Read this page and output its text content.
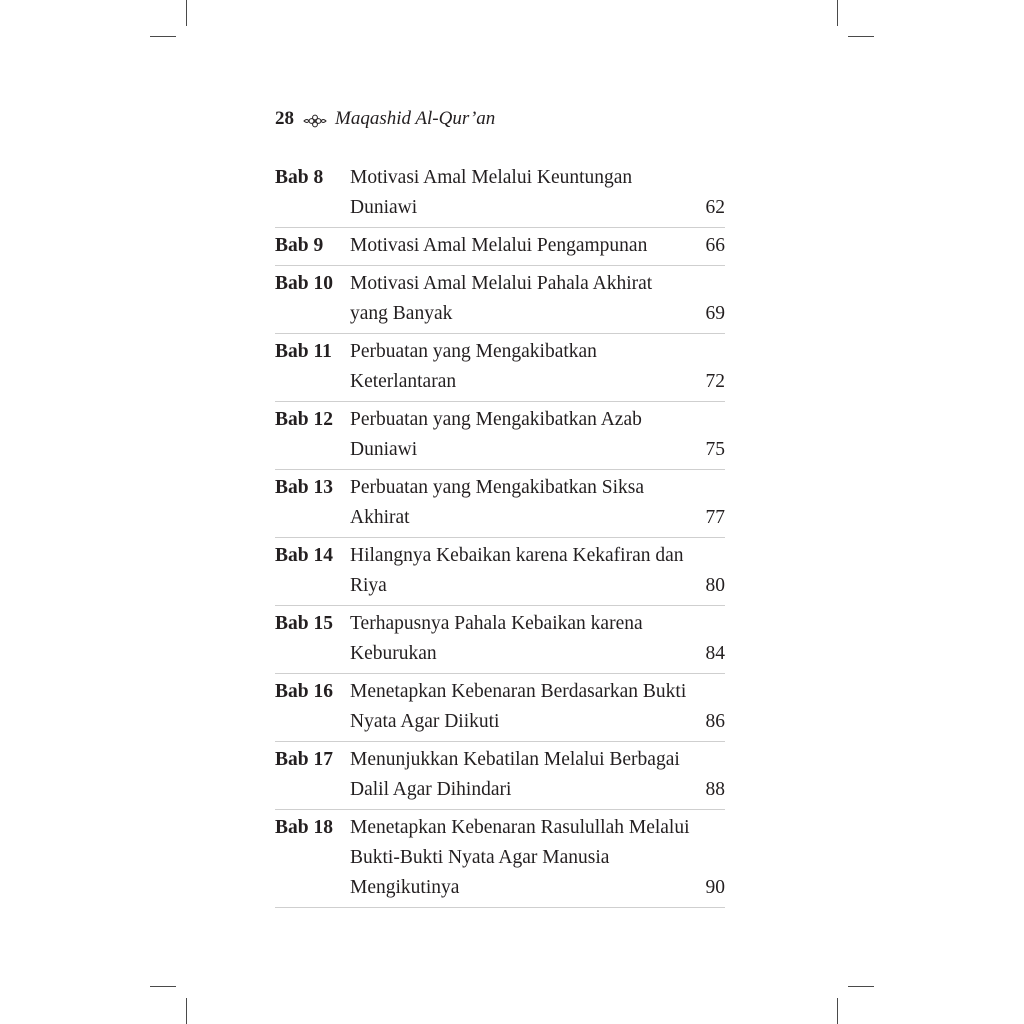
28 Maqashid Al-Qur’an
Bab 8	Motivasi Amal Melalui Keuntungan Duniawi	62
Bab 9	Motivasi Amal Melalui Pengampunan	66
Bab 10 Motivasi Amal Melalui Pahala Akhirat yang Banyak	69
Bab 11 Perbuatan yang Mengakibatkan Keterlantaran	72
Bab 12 Perbuatan yang Mengakibatkan Azab Duniawi	75
Bab 13 Perbuatan yang Mengakibatkan Siksa Akhirat	77
Bab 14 Hilangnya Kebaikan karena Kekafiran dan Riya	80
Bab 15 Terhapusnya Pahala Kebaikan karena Keburukan	84
Bab 16 Menetapkan Kebenaran Berdasarkan Bukti Nyata Agar Diikuti	86
Bab 17 Menunjukkan Kebatilan Melalui Berbagai Dalil Agar Dihindari	88
Bab 18 Menetapkan Kebenaran Rasulullah Melalui Bukti-Bukti Nyata Agar Manusia Mengikutinya	90
